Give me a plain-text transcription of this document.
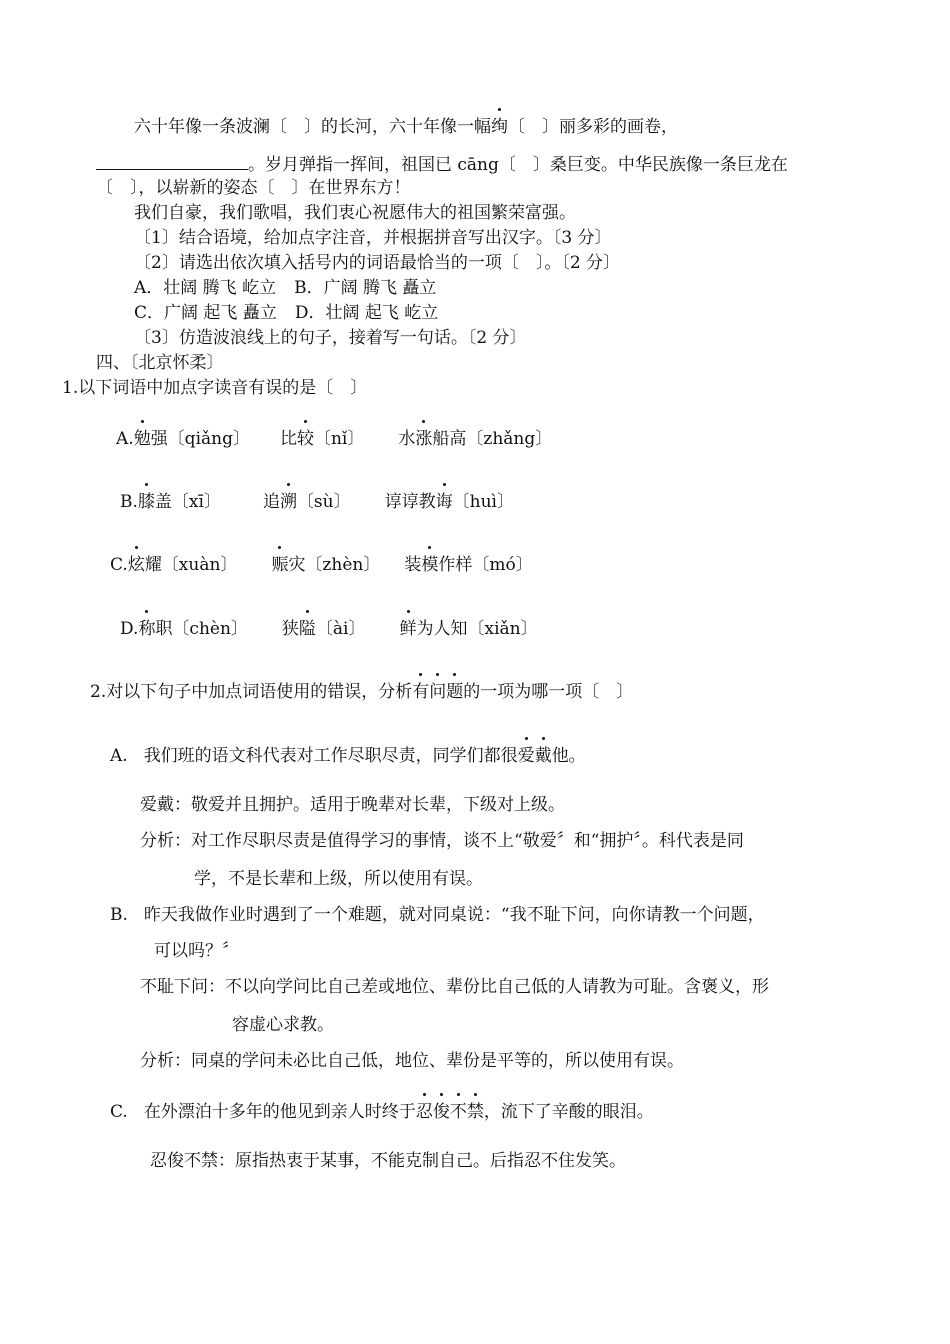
六十年像一条波澜〔　〕的长河，六十年像一幅绚〔　〕丽多彩的画卷，
。岁月弹指一挥间，祖国已 cāng〔　〕桑巨变。中华民族像一条巨龙在
〔　〕，以崭新的姿态〔　〕在世界东方！
我们自豪，我们歌唱，我们衷心祝愿伟大的祖国繁荣富强。
〔1〕结合语境，给加点字注音，并根据拼音写出汉字。〔3 分〕
〔2〕请选出依次填入括号内的词语最恰当的一项〔　〕。〔2 分〕
A．壮阔 腾飞 屹立 B．广阔 腾飞 矗立
C．广阔 起飞 矗立 D．壮阔 起飞 屹立
〔3〕仿造波浪线上的句子，接着写一句话。〔2 分〕
四、〔北京怀柔〕
1.以下词语中加点字读音有误的是〔　〕
A.勉强〔qiǎng〕 比较〔nǐ〕 水涨船高〔zhǎng〕
B.膝盖〔xī〕 追溯〔sù〕 谆谆教诲〔huì〕
C.炫耀〔xuàn〕 赈灾〔zhèn〕 装模作样〔mó〕
D.称职〔chèn〕 狭隘〔ài〕 鲜为人知〔xiǎn〕
2.对以下句子中加点词语使用的错误，分析有问题的一项为哪一项〔　〕
A. 我们班的语文科代表对工作尽职尽责，同学们都很爱戴他。
爱戴：敬爱并且拥护。适用于晚辈对长辈，下级对上级。
分析：对工作尽职尽责是值得学习的事情，谈不上“敬爱〞和“拥护〞。科代表是同
学，不是长辈和上级，所以使用有误。
B. 昨天我做作业时遇到了一个难题，就对同桌说：“我不耻下问，向你请教一个问题，
可以吗？〞
不耻下问：不以向学问比自己差或地位、辈份比自己低的人请教为可耻。含褒义，形
容虚心求教。
分析：同桌的学问未必比自己低，地位、辈份是平等的，所以使用有误。
C. 在外漂泊十多年的他见到亲人时终于忍俊不禁，流下了辛酸的眼泪。
忍俊不禁：原指热衷于某事，不能克制自己。后指忍不住发笑。
